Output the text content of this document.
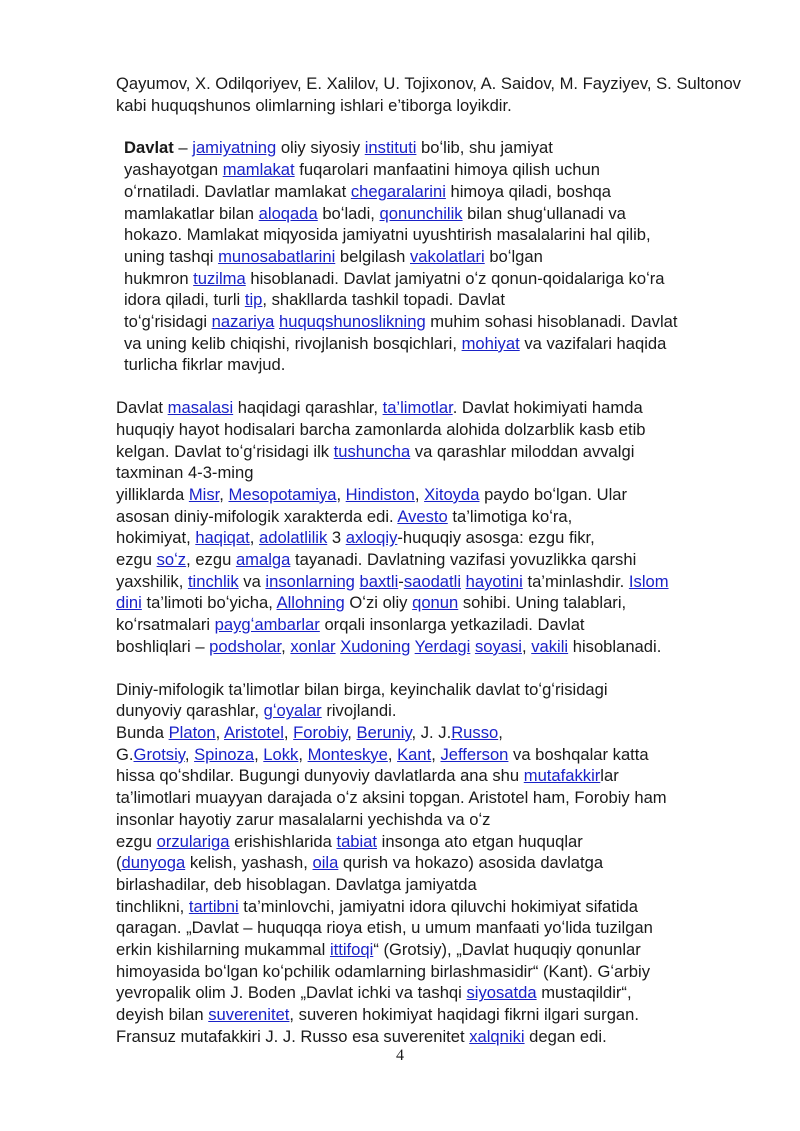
Qayumov, X. Odilqoriyev, E. Xalilov, U. Tojixonov, A. Saidov, M. Fayziyev, S. Sultonov kabi huquqshunos olimlarning ishlari e’tiborga loyikdir.

Davlat – jamiyatning oliy siyosiy instituti boʻlib, shu jamiyat
yashayotgan mamlakat fuqarolari manfaatini himoya qilish uchun
oʻrnatiladi. Davlatlar mamlakat chegaralarini himoya qiladi, boshqa
mamlakatlar bilan aloqada boʻladi, qonunchilik bilan shugʻullanadi va
hokazo. Mamlakat miqyosida jamiyatni uyushtirish masalalarini hal qilib,
uning tashqi munosabatlarini belgilash vakolatlari boʻlgan
hukmron tuzilma hisoblanadi. Davlat jamiyatni oʻz qonun-qoidalariga koʻra
idora qiladi, turli tip, shakllarda tashkil topadi. Davlat
toʻgʻrisidagi nazariya huquqshunoslikning muhim sohasi hisoblanadi. Davlat
va uning kelib chiqishi, rivojlanish bosqichlari, mohiyat va vazifalari haqida
turlicha fikrlar mavjud.

Davlat masalasi haqidagi qarashlar, ta’limotlar. Davlat hokimiyati hamda
huquqiy hayot hodisalari barcha zamonlarda alohida dolzarblik kasb etib
kelgan. Davlat toʻgʻrisidagi ilk tushuncha va qarashlar miloddan avvalgi
taxminan 4-3-ming
yilliklarda Misr, Mesopotamiya, Hindiston, Xitoyda paydo boʻlgan. Ular
asosan diniy-mifologik xarakterda edi. Avesto ta’limotiga koʻra,
hokimiyat, haqiqat, adolatlilik 3 axloqiy-huquqiy asosga: ezgu fikr,
ezgu soʻz, ezgu amalga tayanadi. Davlatning vazifasi yovuzlikka qarshi
yaxshilik, tinchlik va insonlarning baxtli-saodatli hayotini ta’minlashdir. Islom
dini ta’limoti boʻyicha, Allohning Oʻzi oliy qonun sohibi. Uning talablari,
koʻrsatmalari paygʻambarlar orqali insonlarga yetkaziladi. Davlat
boshliqlari – podsholar, xonlar Xudoning Yerdagi soyasi, vakili hisoblanadi.

Diniy-mifologik ta’limotlar bilan birga, keyinchalik davlat toʻgʻrisidagi
dunyoviy qarashlar, gʻoyalar rivojlandi.
Bunda Platon, Aristotel, Forobiy, Beruniy, J. J.Russo,
G.Grotsiy, Spinoza, Lokk, Monteskye, Kant, Jefferson va boshqalar katta
hissa qoʻshdilar. Bugungi dunyoviy davlatlarda ana shu mutafakkirlar
ta’limotlari muayyan darajada oʻz aksini topgan. Aristotel ham, Forobiy ham
insonlar hayotiy zarur masalalarni yechishda va oʻz
ezgu orzulariga erishishlarida tabiat insonga ato etgan huquqlar
(dunyoga kelish, yashash, oila qurish va hokazo) asosida davlatga
birlashadilar, deb hisoblagan. Davlatga jamiyatda
tinchlikni, tartibni ta’minlovchi, jamiyatni idora qiluvchi hokimiyat sifatida
qaragan. „Davlat – huquqqa rioya etish, u umum manfaati yoʻlida tuzilgan
erkin kishilarning mukammal ittifoqi“ (Grotsiy), „Davlat huquqiy qonunlar
himoyasida boʻlgan koʻpchilik odamlarning birlashmasidir“ (Kant). Gʻarbiy
yevropalik olim J. Boden „Davlat ichki va tashqi siyosatda mustaqildir“,
deyish bilan suverenitet, suveren hokimiyat haqidagi fikrni ilgari surgan.
Fransuz mutafakkiri J. J. Russo esa suverenitet xalqniki degan edi.

4
